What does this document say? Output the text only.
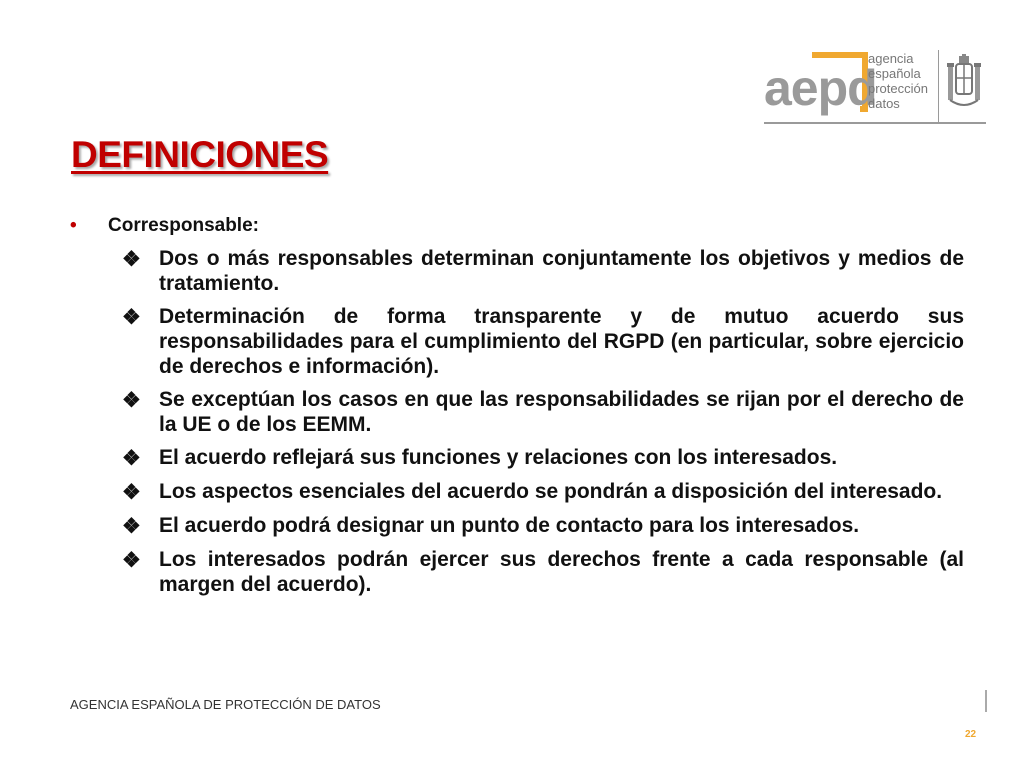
aepd
agencia
española
protección
datos
DEFINICIONES
•	Corresponsable:
❖ Dos o más responsables determinan conjuntamente los objetivos y medios de tratamiento.
❖ Determinación de forma transparente y de mutuo acuerdo sus responsabilidades para el cumplimiento del RGPD (en particular, sobre ejercicio de derechos e información).
❖ Se exceptúan los casos en que las responsabilidades se rijan por el derecho de la UE o de los EEMM.
❖ El acuerdo reflejará sus funciones y relaciones con los interesados.
❖ Los aspectos esenciales del acuerdo se pondrán a disposición del interesado.
❖ El acuerdo podrá designar un punto de contacto para los interesados.
❖ Los interesados podrán ejercer sus derechos frente a cada responsable (al margen del acuerdo).
AGENCIA ESPAÑOLA DE PROTECCIÓN DE DATOS
22
